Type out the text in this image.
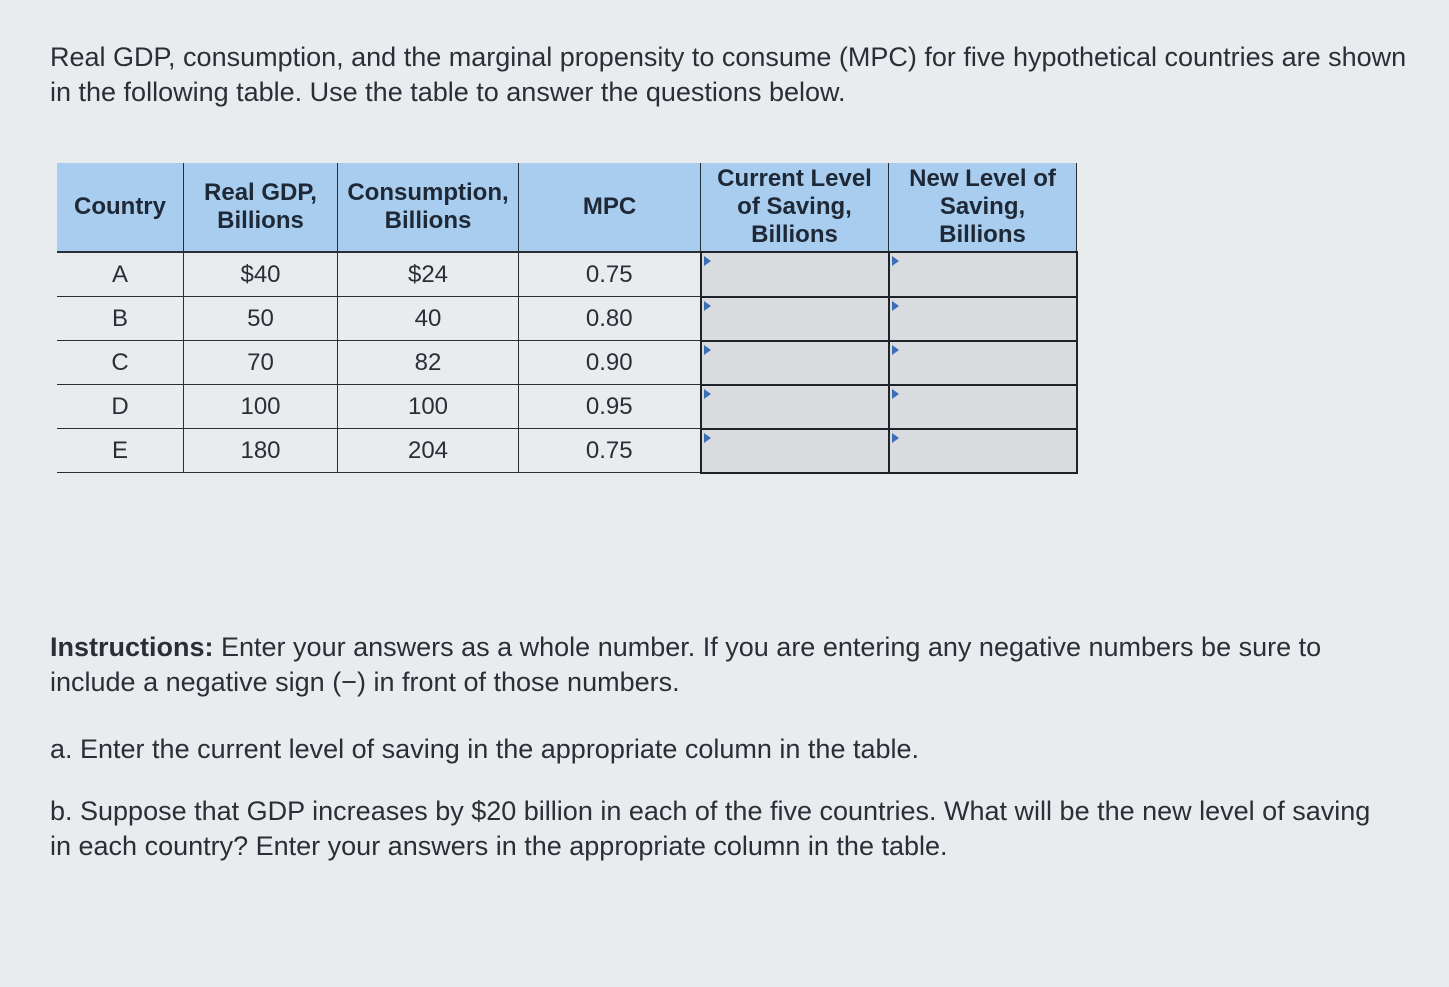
Real GDP, consumption, and the marginal propensity to consume (MPC) for five hypothetical countries are shown in the following table. Use the table to answer the questions below.

Country	Real GDP, Billions	Consumption, Billions	MPC	Current Level of Saving, Billions	New Level of Saving, Billions
A	$40	$24	0.75	

B	50	40	0.80	

C	70	82	0.90	

D	100	100	0.95	

E	180	204	0.75	

Instructions: Enter your answers as a whole number. If you are entering any negative numbers be sure to include a negative sign (−) in front of those numbers.

a. Enter the current level of saving in the appropriate column in the table.

b. Suppose that GDP increases by $20 billion in each of the five countries. What will be the new level of saving in each country? Enter your answers in the appropriate column in the table.
